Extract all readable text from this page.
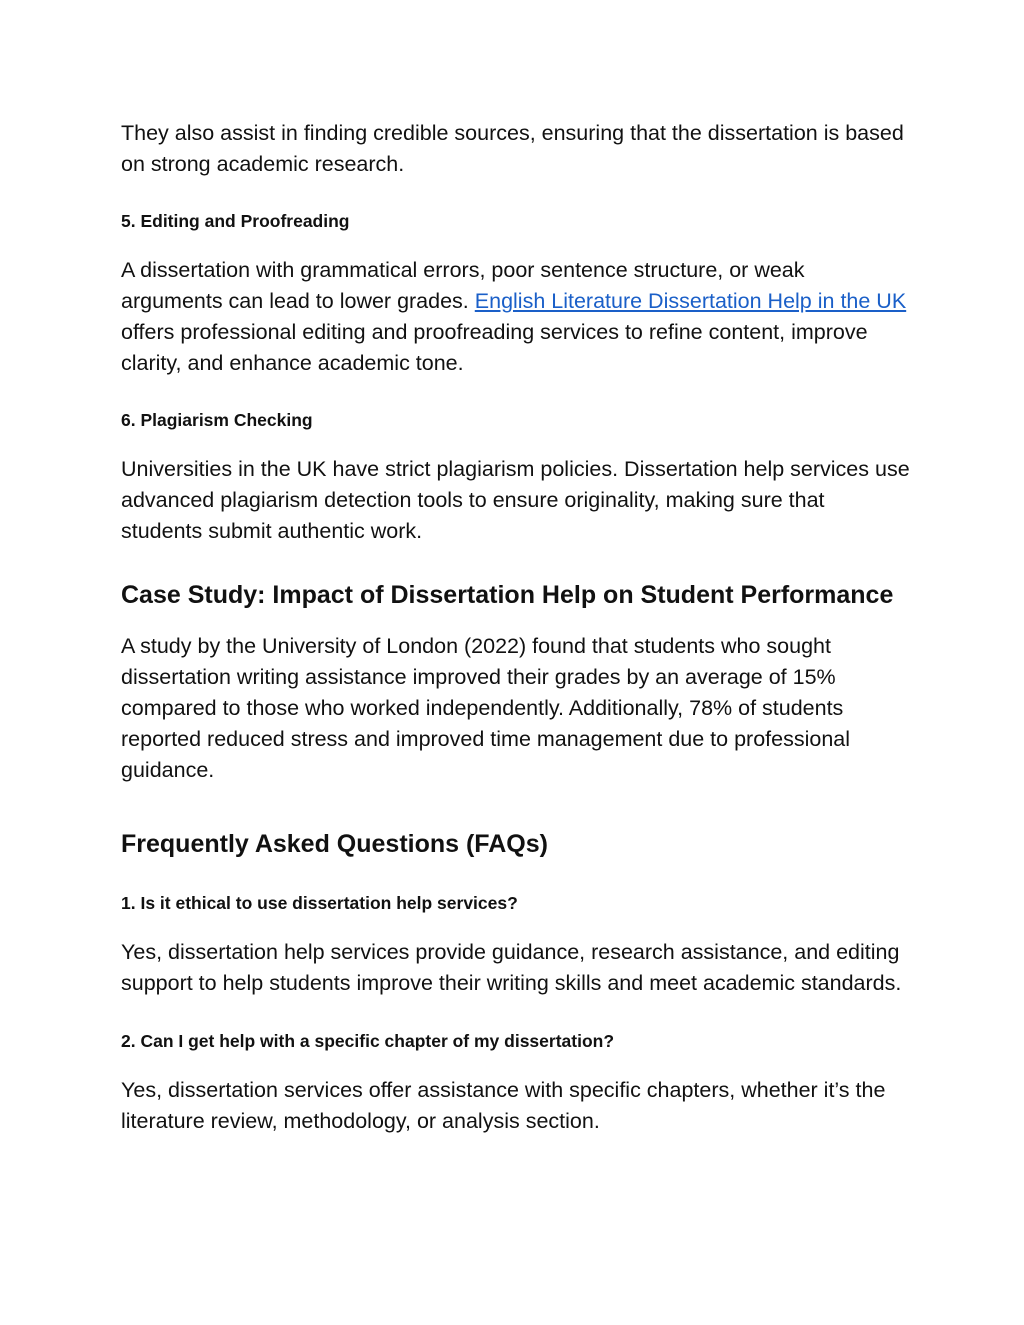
They also assist in finding credible sources, ensuring that the dissertation is based on strong academic research.

5. Editing and Proofreading

A dissertation with grammatical errors, poor sentence structure, or weak arguments can lead to lower grades. English Literature Dissertation Help in the UK offers professional editing and proofreading services to refine content, improve clarity, and enhance academic tone.

6. Plagiarism Checking

Universities in the UK have strict plagiarism policies. Dissertation help services use advanced plagiarism detection tools to ensure originality, making sure that students submit authentic work.

Case Study: Impact of Dissertation Help on Student Performance

A study by the University of London (2022) found that students who sought dissertation writing assistance improved their grades by an average of 15% compared to those who worked independently. Additionally, 78% of students reported reduced stress and improved time management due to professional guidance.

Frequently Asked Questions (FAQs)
1. Is it ethical to use dissertation help services?

Yes, dissertation help services provide guidance, research assistance, and editing support to help students improve their writing skills and meet academic standards.

2. Can I get help with a specific chapter of my dissertation?

Yes, dissertation services offer assistance with specific chapters, whether it’s the literature review, methodology, or analysis section.
